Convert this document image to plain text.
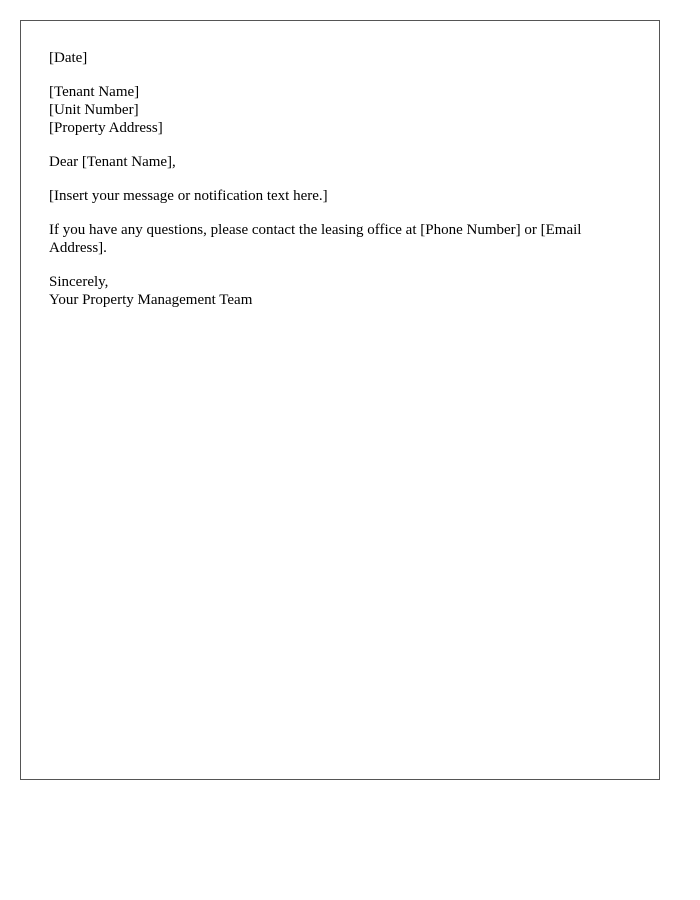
[Date]
[Tenant Name]
[Unit Number]
[Property Address]
Dear [Tenant Name],
[Insert your message or notification text here.]
If you have any questions, please contact the leasing office at [Phone Number] or [Email Address].
Sincerely,
Your Property Management Team
